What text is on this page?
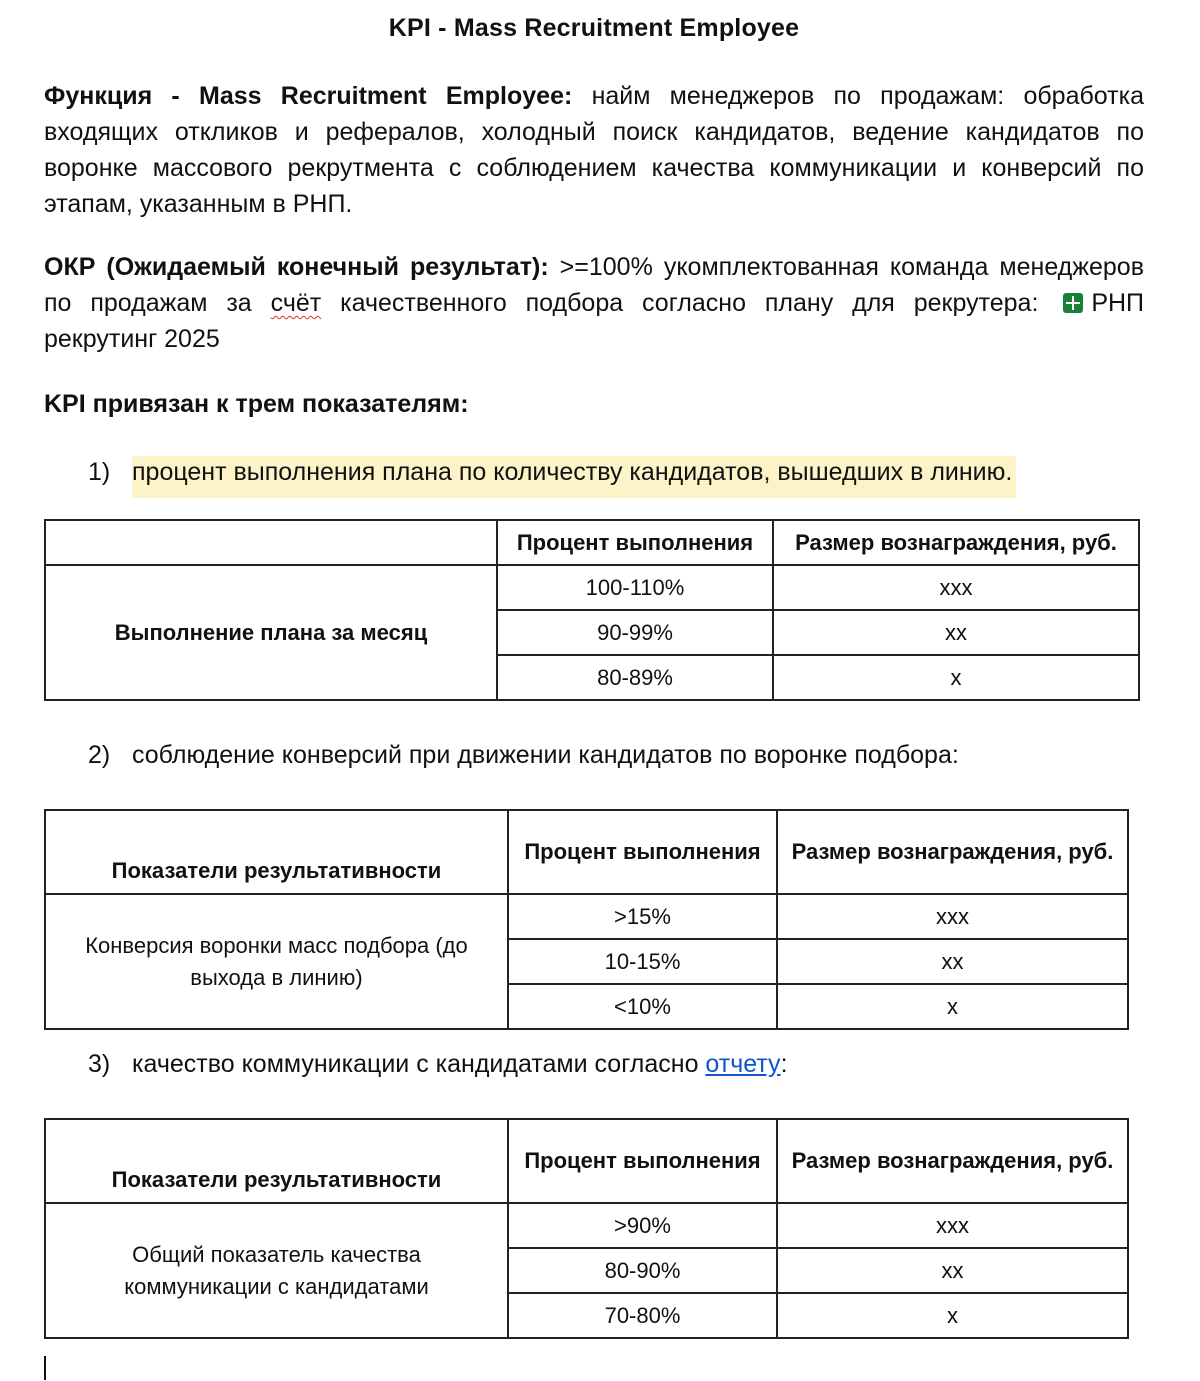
KPI - Mass Recruitment Employee
Функция - Mass Recruitment Employee: найм менеджеров по продажам: обработка входящих откликов и рефералов, холодный поиск кандидатов, ведение кандидатов по воронке массового рекрутмента с соблюдением качества коммуникации и конверсий по этапам, указанным в РНП.
ОКР (Ожидаемый конечный результат): >=100% укомплектованная команда менеджеров по продажам за счёт качественного подбора согласно плану для рекрутера: РНП рекрутинг 2025
KPI привязан к трем показателям:
1) процент выполнения плана по количеству кандидатов, вышедших в линию.
	Процент выполнения	Размер вознаграждения, руб.
Выполнение плана за месяц	100-110%	xxx
	90-99%	xx
	80-89%	x
2) соблюдение конверсий при движении кандидатов по воронке подбора:
Показатели результативности	Процент выполнения	Размер вознаграждения, руб.
Конверсия воронки масс подбора (до выхода в линию)	>15%	xxx
	10-15%	xx
	<10%	x
3) качество коммуникации с кандидатами согласно отчету:
Показатели результативности	Процент выполнения	Размер вознаграждения, руб.
Общий показатель качества коммуникации с кандидатами	>90%	xxx
	80-90%	xx
	70-80%	x
